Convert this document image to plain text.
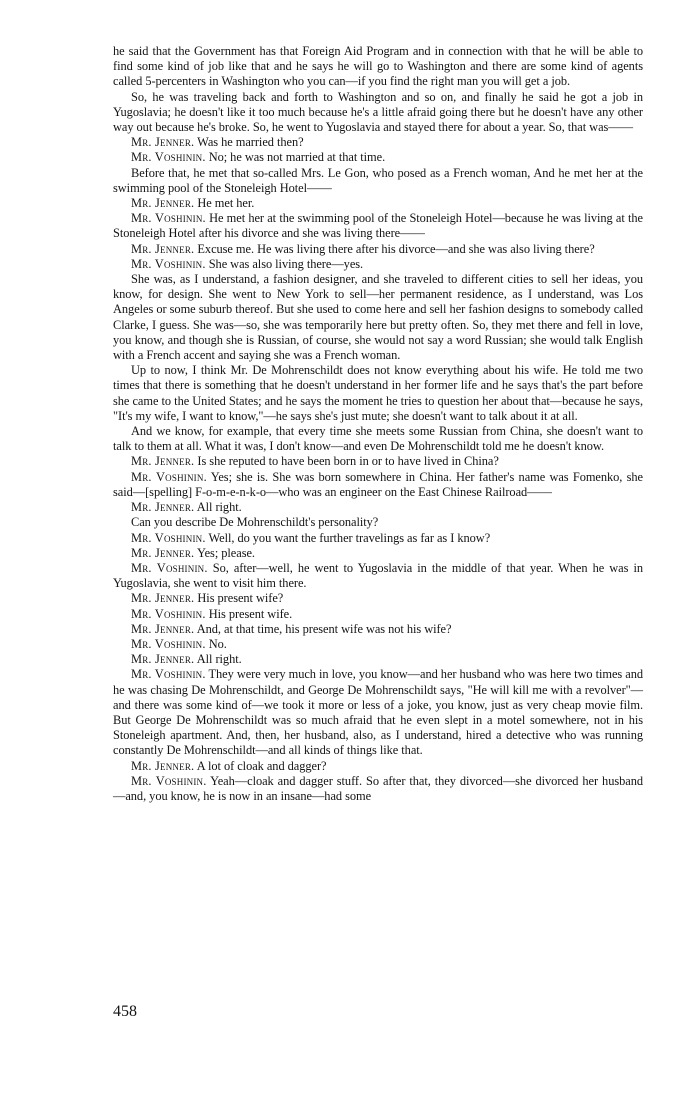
he said that the Government has that Foreign Aid Program and in connection with that he will be able to find some kind of job like that and he says he will go to Washington and there are some kind of agents called 5-percenters in Washington who you can—if you find the right man you will get a job.

So, he was traveling back and forth to Washington and so on, and finally he said he got a job in Yugoslavia; he doesn't like it too much because he's a little afraid going there but he doesn't have any other way out because he's broke. So, he went to Yugoslavia and stayed there for about a year. So, that was——

Mr. Jenner. Was he married then?

Mr. Voshinin. No; he was not married at that time.

Before that, he met that so-called Mrs. Le Gon, who posed as a French woman, And he met her at the swimming pool of the Stoneleigh Hotel——

Mr. Jenner. He met her.

Mr. Voshinin. He met her at the swimming pool of the Stoneleigh Hotel—because he was living at the Stoneleigh Hotel after his divorce and she was living there——

Mr. Jenner. Excuse me. He was living there after his divorce—and she was also living there?

Mr. Voshinin. She was also living there—yes.

She was, as I understand, a fashion designer, and she traveled to different cities to sell her ideas, you know, for design. She went to New York to sell—her permanent residence, as I understand, was Los Angeles or some suburb thereof. But she used to come here and sell her fashion designs to somebody called Clarke, I guess. She was—so, she was temporarily here but pretty often. So, they met there and fell in love, you know, and though she is Russian, of course, she would not say a word Russian; she would talk English with a French accent and saying she was a French woman.

Up to now, I think Mr. De Mohrenschildt does not know everything about his wife. He told me two times that there is something that he doesn't understand in her former life and he says that's the part before she came to the United States; and he says the moment he tries to question her about that—because he says, "It's my wife, I want to know,"—he says she's just mute; she doesn't want to talk about it at all.

And we know, for example, that every time she meets some Russian from China, she doesn't want to talk to them at all. What it was, I don't know—and even De Mohrenschildt told me he doesn't know.

Mr. Jenner. Is she reputed to have been born in or to have lived in China?

Mr. Voshinin. Yes; she is. She was born somewhere in China. Her father's name was Fomenko, she said—[spelling] F-o-m-e-n-k-o—who was an engineer on the East Chinese Railroad——

Mr. Jenner. All right.

Can you describe De Mohrenschildt's personality?

Mr. Voshinin. Well, do you want the further travelings as far as I know?

Mr. Jenner. Yes; please.

Mr. Voshinin. So, after—well, he went to Yugoslavia in the middle of that year. When he was in Yugoslavia, she went to visit him there.

Mr. Jenner. His present wife?

Mr. Voshinin. His present wife.

Mr. Jenner. And, at that time, his present wife was not his wife?

Mr. Voshinin. No.

Mr. Jenner. All right.

Mr. Voshinin. They were very much in love, you know—and her husband who was here two times and he was chasing De Mohrenschildt, and George De Mohrenschildt says, "He will kill me with a revolver"—and there was some kind of—we took it more or less of a joke, you know, just as very cheap movie film. But George De Mohrenschildt was so much afraid that he even slept in a motel somewhere, not in his Stoneleigh apartment. And, then, her husband, also, as I understand, hired a detective who was running constantly De Mohrenschildt—and all kinds of things like that.

Mr. Jenner. A lot of cloak and dagger?

Mr. Voshinin. Yeah—cloak and dagger stuff. So after that, they divorced—she divorced her husband—and, you know, he is now in an insane—had some

458
